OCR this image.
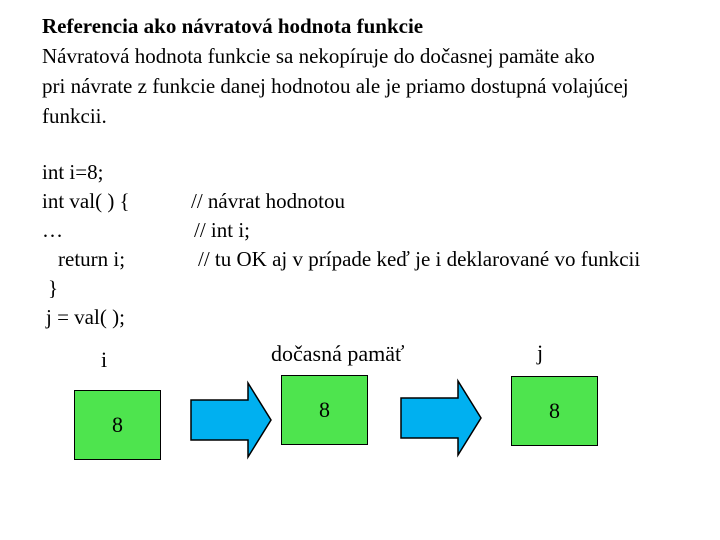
Referencia ako návratová hodnota funkcie
Návratová hodnota funkcie sa nekopíruje do dočasnej pamäte ako
pri návrate z funkcie danej hodnotou ale je priamo dostupná volajúcej
funkcii.
int i=8;
int val( ) {
…
return i;
}
j = val( );
// návrat hodnotou
// int i;
// tu OK aj v prípade keď je i deklarované vo funkcii
i	dočasná pamäť	j
8
8	8
